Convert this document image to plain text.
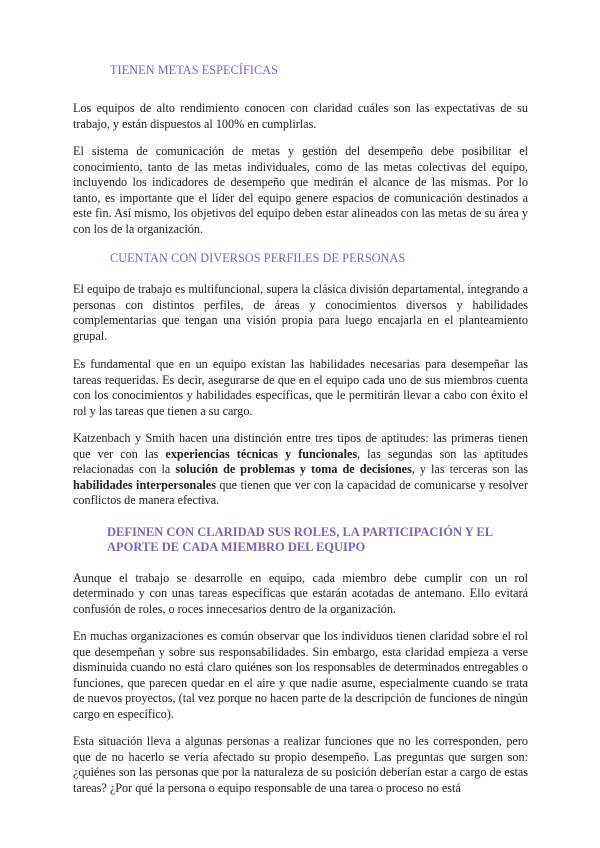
TIENEN METAS ESPECÍFICAS

Los equipos de alto rendimiento conocen con claridad cuáles son las expectativas de su trabajo, y están dispuestos al 100% en cumplirlas.

El sistema de comunicación de metas y gestión del desempeño debe posibilitar el conocimiento, tanto de las metas individuales, como de las metas colectivas del equipo, incluyendo los indicadores de desempeño que medirán el alcance de las mismas. Por lo tanto, es importante que el líder del equipo genere espacios de comunicación destinados a este fin. Así mismo, los objetivos del equipo deben estar alineados con las metas de su área y con los de la organización.

CUENTAN CON DIVERSOS PERFILES DE PERSONAS

El equipo de trabajo es multifuncional, supera la clásica división departamental, integrando a personas con distintos perfiles, de áreas y conocimientos diversos y habilidades complementarias que tengan una visión propia para luego encajarla en el planteamiento grupal.

Es fundamental que en un equipo existan las habilidades necesarias para desempeñar las tareas requeridas. Es decir, asegurarse de que en el equipo cada uno de sus miembros cuenta con los conocimientos y habilidades específicas, que le permitirán llevar a cabo con éxito el rol y las tareas que tienen a su cargo.

Katzenbach y Smith hacen una distinción entre tres tipos de aptitudes: las primeras tienen que ver con las experiencias técnicas y funcionales, las segundas son las aptitudes relacionadas con la solución de problemas y toma de decisiones, y las terceras son las habilidades interpersonales que tienen que ver con la capacidad de comunicarse y resolver conflictos de manera efectiva.

DEFINEN CON CLARIDAD SUS ROLES, LA PARTICIPACIÓN Y EL APORTE DE CADA MIEMBRO DEL EQUIPO

Aunque el trabajo se desarrolle en equipo, cada miembro debe cumplir con un rol determinado y con unas tareas específicas que estarán acotadas de antemano. Ello evitará confusión de roles, o roces innecesarios dentro de la organización.

En muchas organizaciones es común observar que los individuos tienen claridad sobre el rol que desempeñan y sobre sus responsabilidades. Sin embargo, esta claridad empieza a verse disminuida cuando no está claro quiénes son los responsables de determinados entregables o funciones, que parecen quedar en el aire y que nadie asume, especialmente cuando se trata de nuevos proyectos, (tal vez porque no hacen parte de la descripción de funciones de ningún cargo en específico).

Esta situación lleva a algunas personas a realizar funciones que no les corresponden, pero que de no hacerlo se vería afectado su propio desempeño. Las preguntas que surgen son: ¿quiénes son las personas que por la naturaleza de su posición deberían estar a cargo de estas tareas? ¿Por qué la persona o equipo responsable de una tarea o proceso no está
